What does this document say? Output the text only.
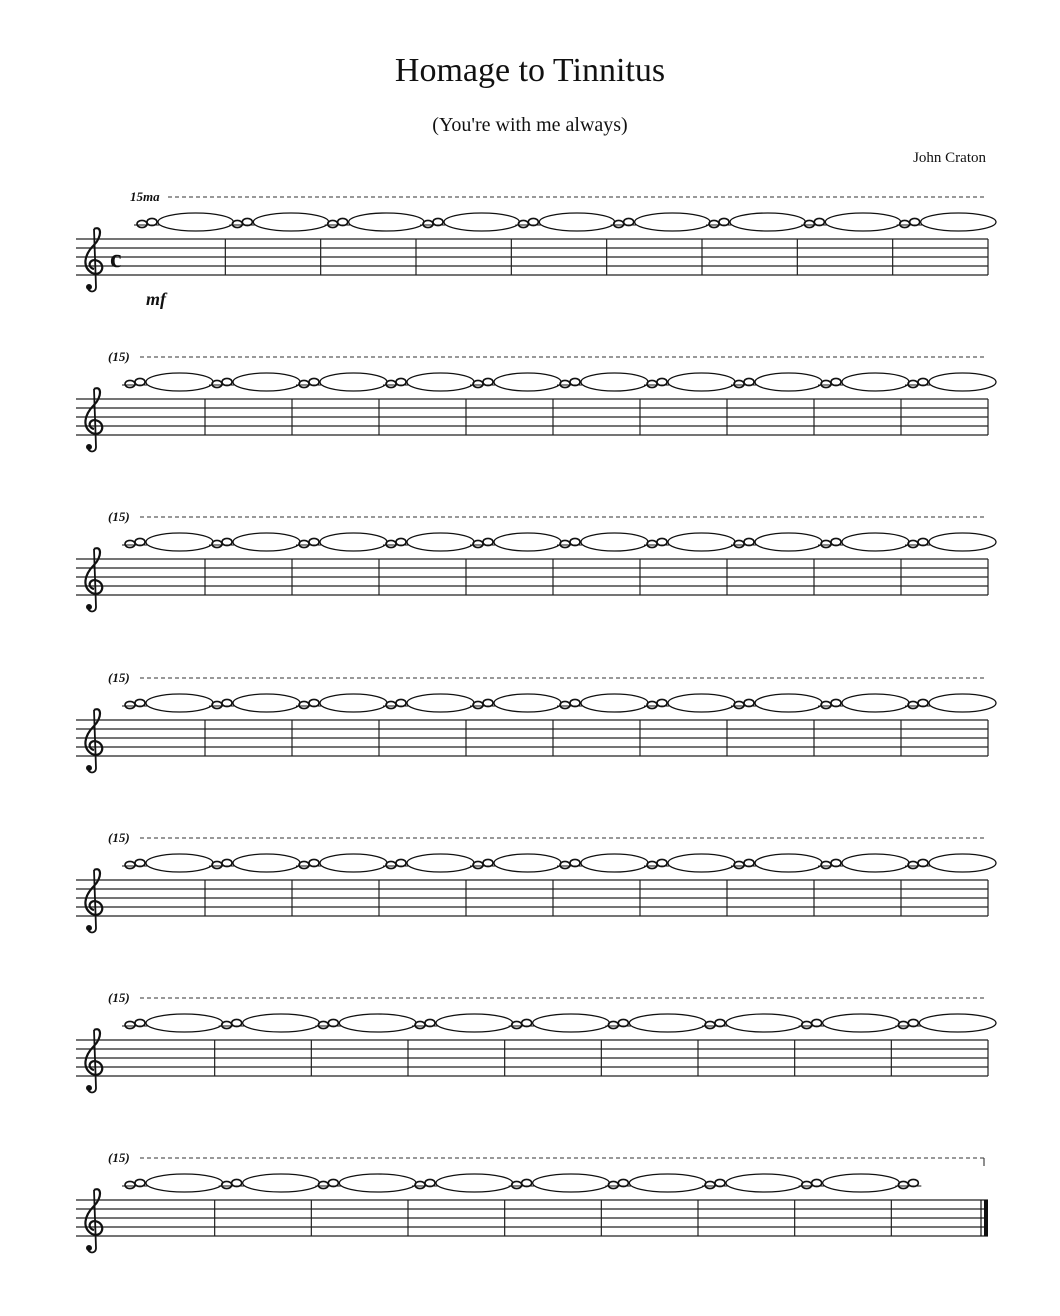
Homage to Tinnitus
(You're with me always)
John Craton
c
15ma
mf
(15)
(15)
(15)
(15)
(15)
(15)
